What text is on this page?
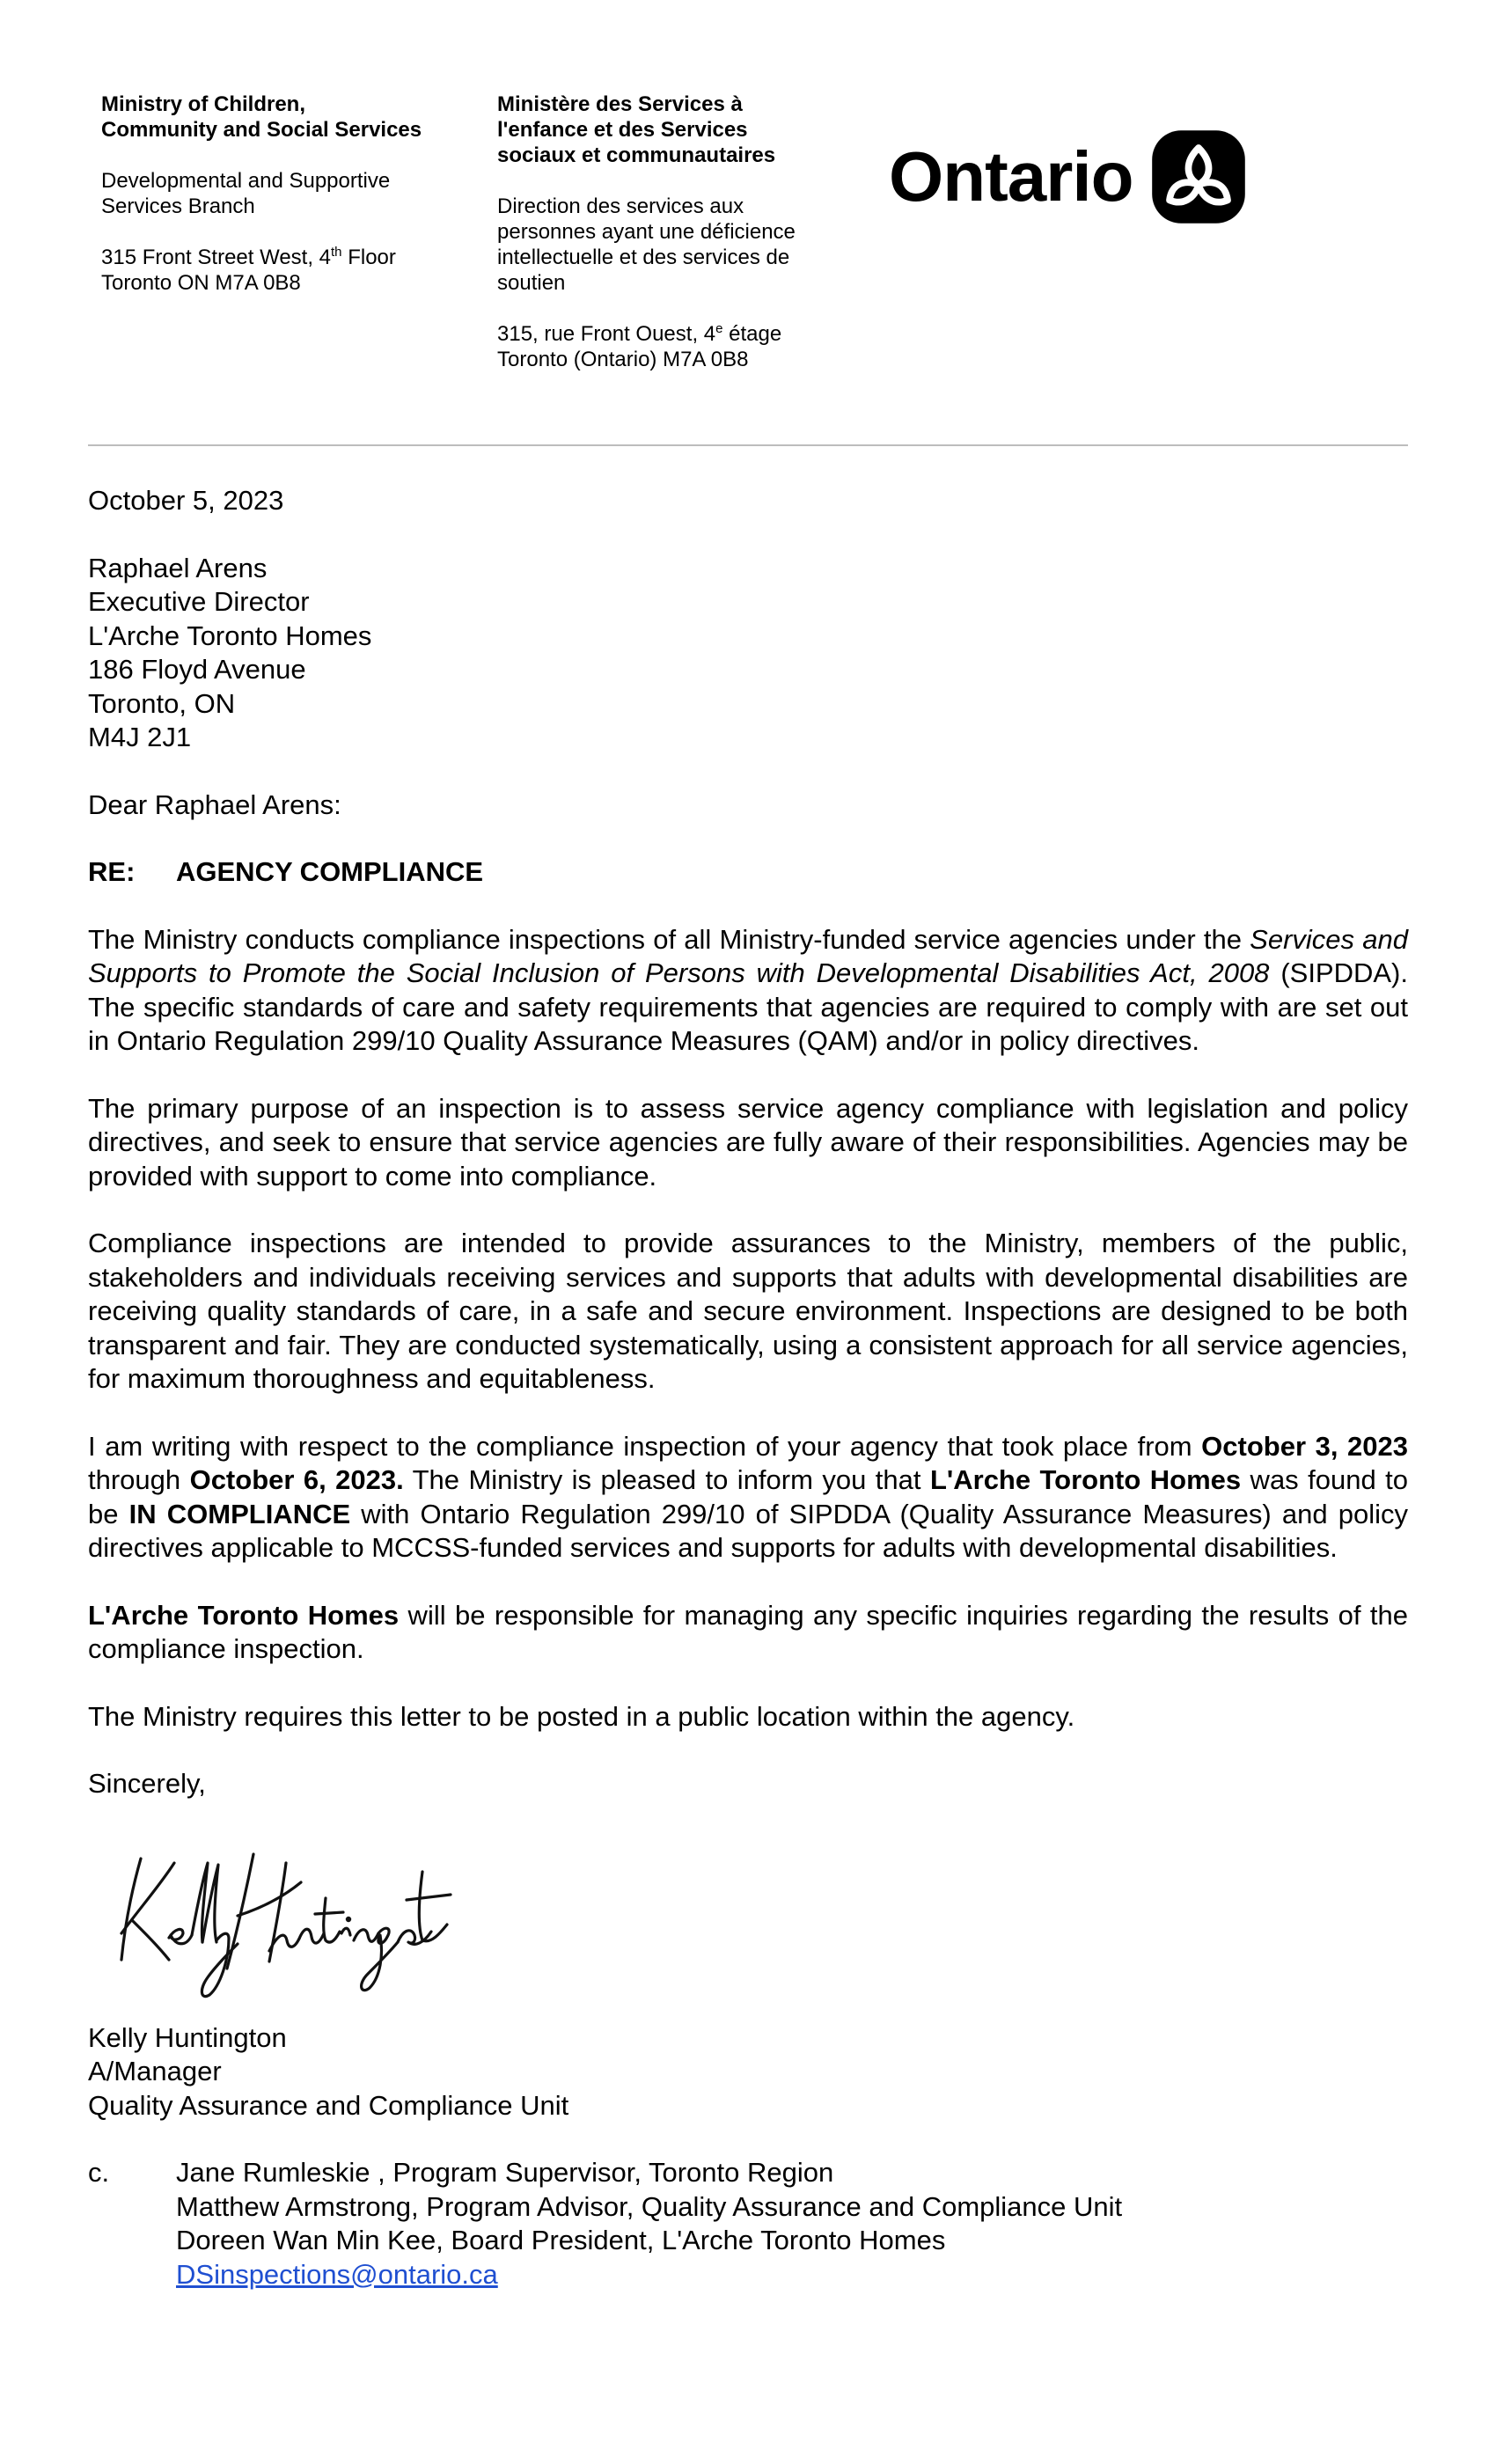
Ministry of Children,
Community and Social Services

Developmental and Supportive
Services Branch

315 Front Street West, 4th Floor
Toronto ON M7A 0B8

Ministère des Services à
l'enfance et des Services
sociaux et communautaires

Direction des services aux
personnes ayant une déficience
intellectuelle et des services de
soutien

315, rue Front Ouest, 4e étage
Toronto (Ontario) M7A 0B8

Ontario

October 5, 2023

Raphael Arens
Executive Director
L'Arche Toronto Homes
186 Floyd Avenue
Toronto, ON
M4J 2J1

Dear Raphael Arens:

RE: AGENCY COMPLIANCE

The Ministry conducts compliance inspections of all Ministry-funded service agencies under the Services and Supports to Promote the Social Inclusion of Persons with Developmental Disabilities Act, 2008 (SIPDDA). The specific standards of care and safety requirements that agencies are required to comply with are set out in Ontario Regulation 299/10 Quality Assurance Measures (QAM) and/or in policy directives.

The primary purpose of an inspection is to assess service agency compliance with legislation and policy directives, and seek to ensure that service agencies are fully aware of their responsibilities. Agencies may be provided with support to come into compliance.

Compliance inspections are intended to provide assurances to the Ministry, members of the public, stakeholders and individuals receiving services and supports that adults with developmental disabilities are receiving quality standards of care, in a safe and secure environment. Inspections are designed to be both transparent and fair. They are conducted systematically, using a consistent approach for all service agencies, for maximum thoroughness and equitableness.

I am writing with respect to the compliance inspection of your agency that took place from October 3, 2023 through October 6, 2023. The Ministry is pleased to inform you that L'Arche Toronto Homes was found to be IN COMPLIANCE with Ontario Regulation 299/10 of SIPDDA (Quality Assurance Measures) and policy directives applicable to MCCSS-funded services and supports for adults with developmental disabilities.

L'Arche Toronto Homes will be responsible for managing any specific inquiries regarding the results of the compliance inspection.

The Ministry requires this letter to be posted in a public location within the agency.

Sincerely,

Kelly Huntington
A/Manager
Quality Assurance and Compliance Unit

c.	Jane Rumleskie , Program Supervisor, Toronto Region

Matthew Armstrong, Program Advisor, Quality Assurance and Compliance Unit

Doreen Wan Min Kee, Board President, L'Arche Toronto Homes

DSinspections@ontario.ca
